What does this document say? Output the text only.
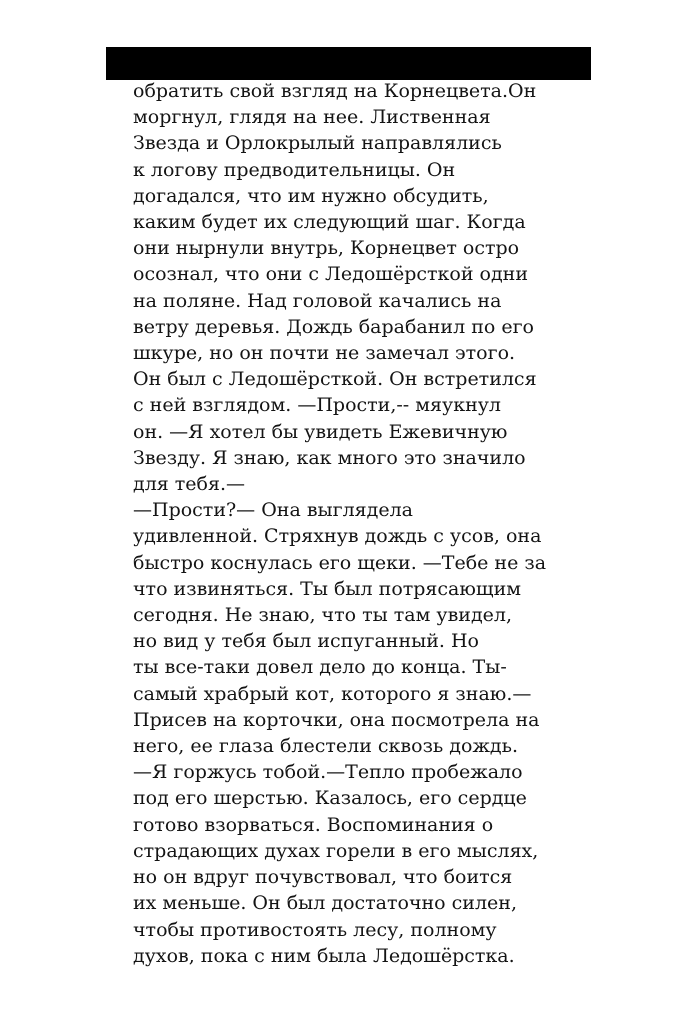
обратить свой взгляд на Корнецвета.Он
моргнул, глядя на нее. Лиственная
Звезда и Орлокрылый направлялись
к логову предводительницы. Он
догадался, что им нужно обсудить,
каким будет их следующий шаг. Когда
они нырнули внутрь, Корнецвет остро
осознал, что они с Ледошёрсткой одни
на поляне. Над головой качались на
ветру деревья. Дождь барабанил по его
шкуре, но он почти не замечал этого.
Он был с Ледошёрсткой. Он встретился
с ней взглядом. —Прости,-- мяукнул
он. —Я хотел бы увидеть Ежевичную
Звезду. Я знаю, как много это значило
для тебя.—
—Прости?— Она выглядела
удивленной. Стряхнув дождь с усов, она
быстро коснулась его щеки. —Тебе не за
что извиняться. Ты был потрясающим
сегодня. Не знаю, что ты там увидел,
но вид у тебя был испуганный. Но
ты все-таки довел дело до конца. Ты-
самый храбрый кот, которого я знаю.—
Присев на корточки, она посмотрела на
него, ее глаза блестели сквозь дождь.
—Я горжусь тобой.—Тепло пробежало
под его шерстью. Казалось, его сердце
готово взорваться. Воспоминания о
страдающих духах горели в его мыслях,
но он вдруг почувствовал, что боится
их меньше. Он был достаточно силен,
чтобы противостоять лесу, полному
духов, пока с ним была Ледошёрстка.
